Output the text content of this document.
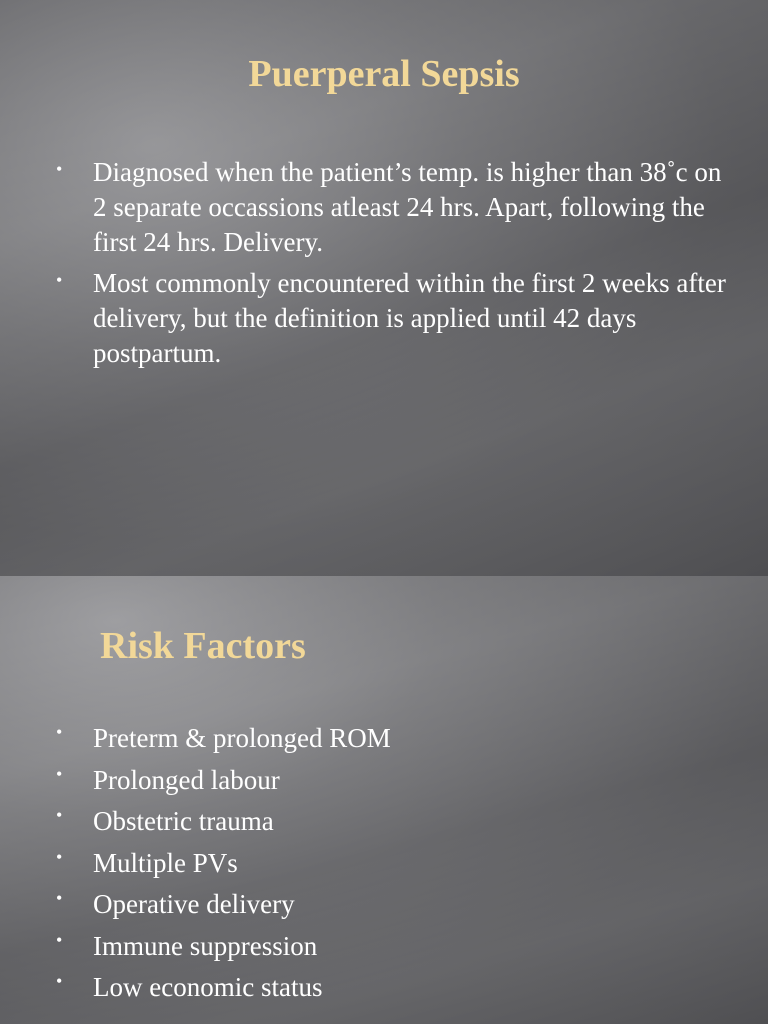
Puerperal Sepsis
• Diagnosed when the patient’s temp. is higher than 38˚c on 2 separate occassions atleast 24 hrs. Apart, following the first 24 hrs. Delivery.
• Most commonly encountered within the first 2 weeks after delivery, but the definition is applied until 42 days postpartum.
Risk Factors
• Preterm & prolonged ROM
• Prolonged labour
• Obstetric trauma
• Multiple PVs
• Operative delivery
• Immune suppression
• Low economic status
